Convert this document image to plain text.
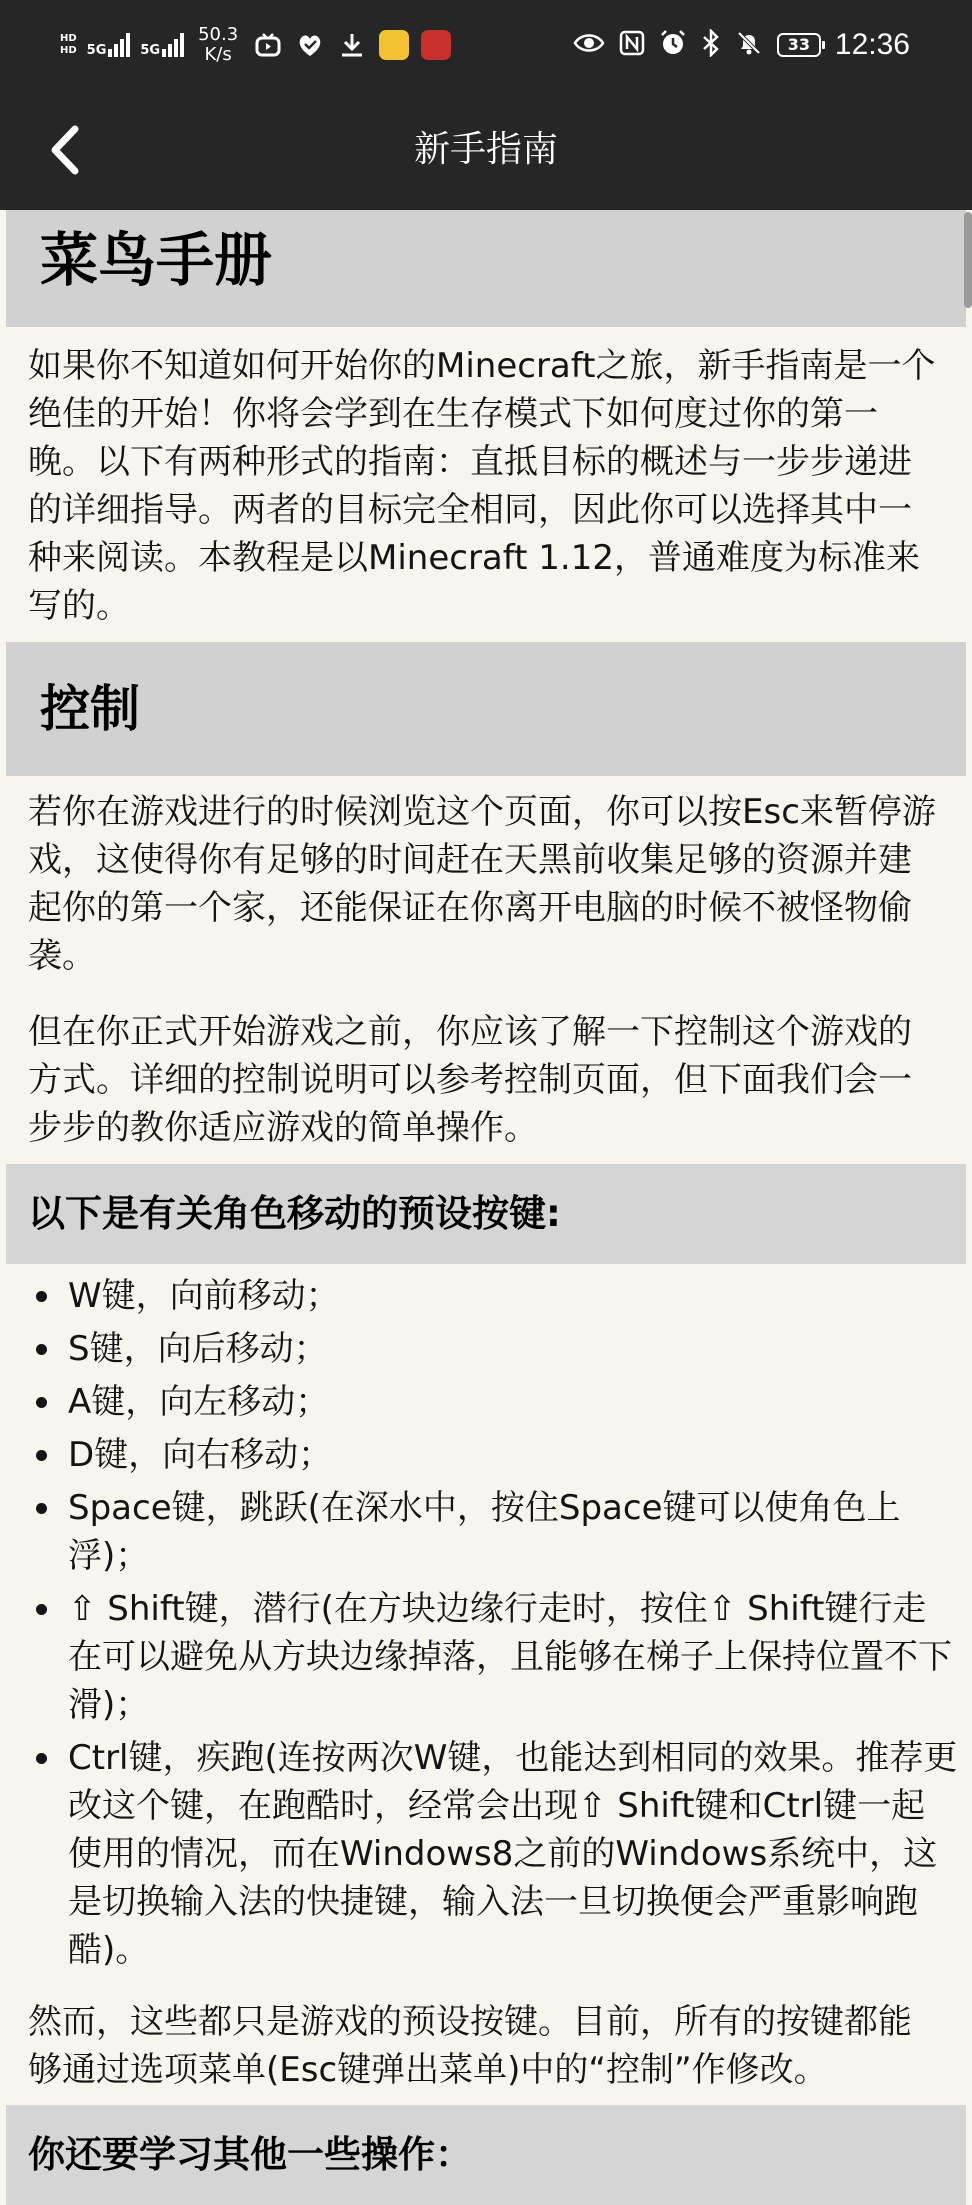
HD
HD 5G	5G
50.3
K/s	33 12:36
新手指南
菜鸟手册

如果你不知道如何开始你的Minecraft之旅，新手指南是一个绝佳的开始！你将会学到在生存模式下如何度过你的第一晚。以下有两种形式的指南：直抵目标的概述与一步步递进的详细指导。两者的目标完全相同，因此你可以选择其中一种来阅读。本教程是以Minecraft 1.12，普通难度为标准来写的。

控制

若你在游戏进行的时候浏览这个页面，你可以按Esc来暂停游戏，这使得你有足够的时间赶在天黑前收集足够的资源并建起你的第一个家，还能保证在你离开电脑的时候不被怪物偷袭。

但在你正式开始游戏之前，你应该了解一下控制这个游戏的方式。详细的控制说明可以参考控制页面，但下面我们会一步步的教你适应游戏的简单操作。

以下是有关角色移动的预设按键:
W键，向前移动；
S键，向后移动；
A键，向左移动；
D键，向右移动；
Space键，跳跃(在深水中，按住Space键可以使角色上浮)；
⇧ Shift键，潜行(在方块边缘行走时，按住⇧ Shift键行走在可以避免从方块边缘掉落，且能够在梯子上保持位置不下滑)；
Ctrl键，疾跑(连按两次W键，也能达到相同的效果。推荐更改这个键，在跑酷时，经常会出现⇧ Shift键和Ctrl键一起使用的情况，而在Windows8之前的Windows系统中，这是切换输入法的快捷键，输入法一旦切换便会严重影响跑酷)。

然而，这些都只是游戏的预设按键。目前，所有的按键都能够通过选项菜单(Esc键弹出菜单)中的“控制”作修改。

你还要学习其他一些操作：
